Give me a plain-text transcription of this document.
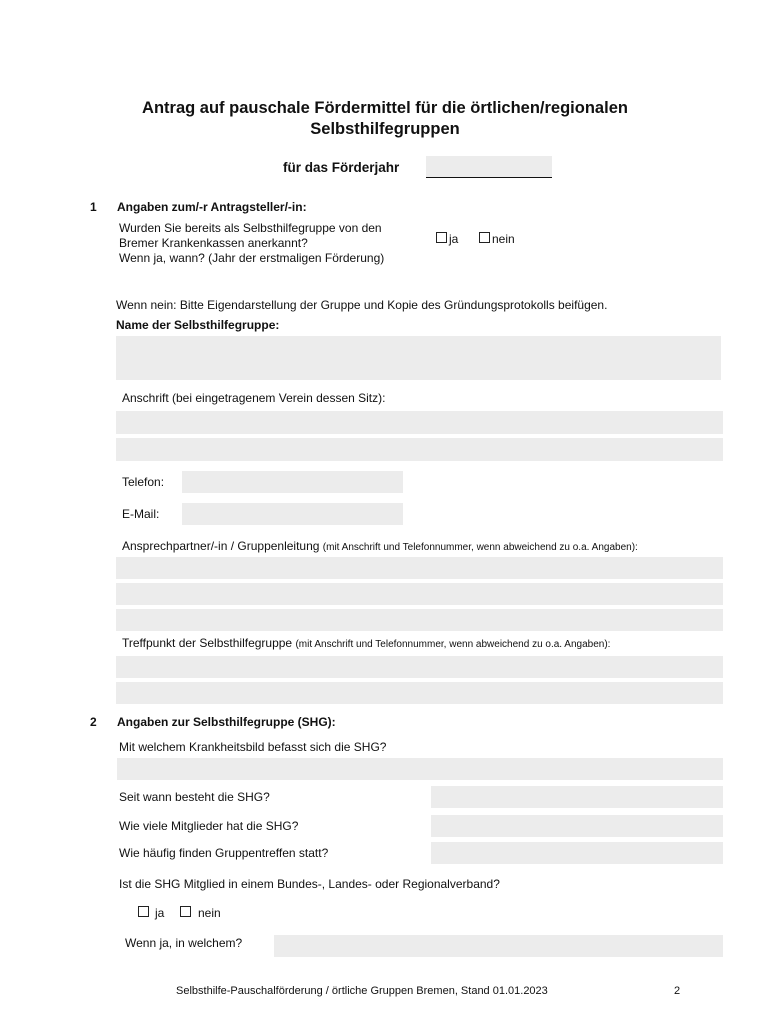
Antrag auf pauschale Fördermittel für die örtlichen/regionalen
Selbsthilfegruppen
für das Förderjahr
1 Angaben zum/-r Antragsteller/-in:
Wurden Sie bereits als Selbsthilfegruppe von den
Bremer Krankenkassen anerkannt?
Wenn ja, wann? (Jahr der erstmaligen Förderung)
ja	nein
Wenn nein: Bitte Eigendarstellung der Gruppe und Kopie des Gründungsprotokolls beifügen.
Name der Selbsthilfegruppe:
Anschrift (bei eingetragenem Verein dessen Sitz):
Telefon:
E-Mail:
Ansprechpartner/-in / Gruppenleitung (mit Anschrift und Telefonnummer, wenn abweichend zu o.a. Angaben):
Treffpunkt der Selbsthilfegruppe (mit Anschrift und Telefonnummer, wenn abweichend zu o.a. Angaben):
2 Angaben zur Selbsthilfegruppe (SHG):
Mit welchem Krankheitsbild befasst sich die SHG?
Seit wann besteht die SHG?
Wie viele Mitglieder hat die SHG?
Wie häufig finden Gruppentreffen statt?
Ist die SHG Mitglied in einem Bundes-, Landes- oder Regionalverband?
ja	nein
Wenn ja, in welchem?
Selbsthilfe-Pauschalförderung / örtliche Gruppen Bremen, Stand 01.01.2023	2
